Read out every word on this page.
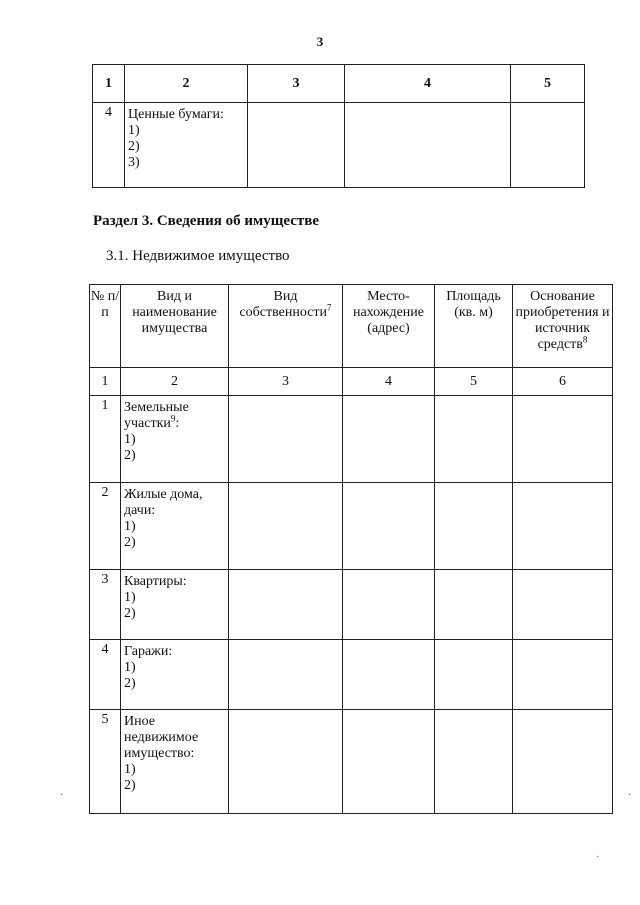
3
1	2	3	4	5
4	Ценные бумаги:
1)
2)
3)			

Раздел 3. Сведения об имуществе
3.1. Недвижимое имущество
№ п/п	Вид и наименование имущества	Вид собственности$^7$	Место-нахождение (адрес)	Площадь (кв. м)	Основание приобретения и источник средств$^8$
1	2	3	4	5	6
1	Земельные участки$^9$:
1)
2)				

2	Жилые дома, дачи:
1)
2)				

3	Квартиры:
1)
2)				

4	Гаражи:
1)
2)				

5	Иное недвижимое имущество:
1)
2)				

·	·
·
